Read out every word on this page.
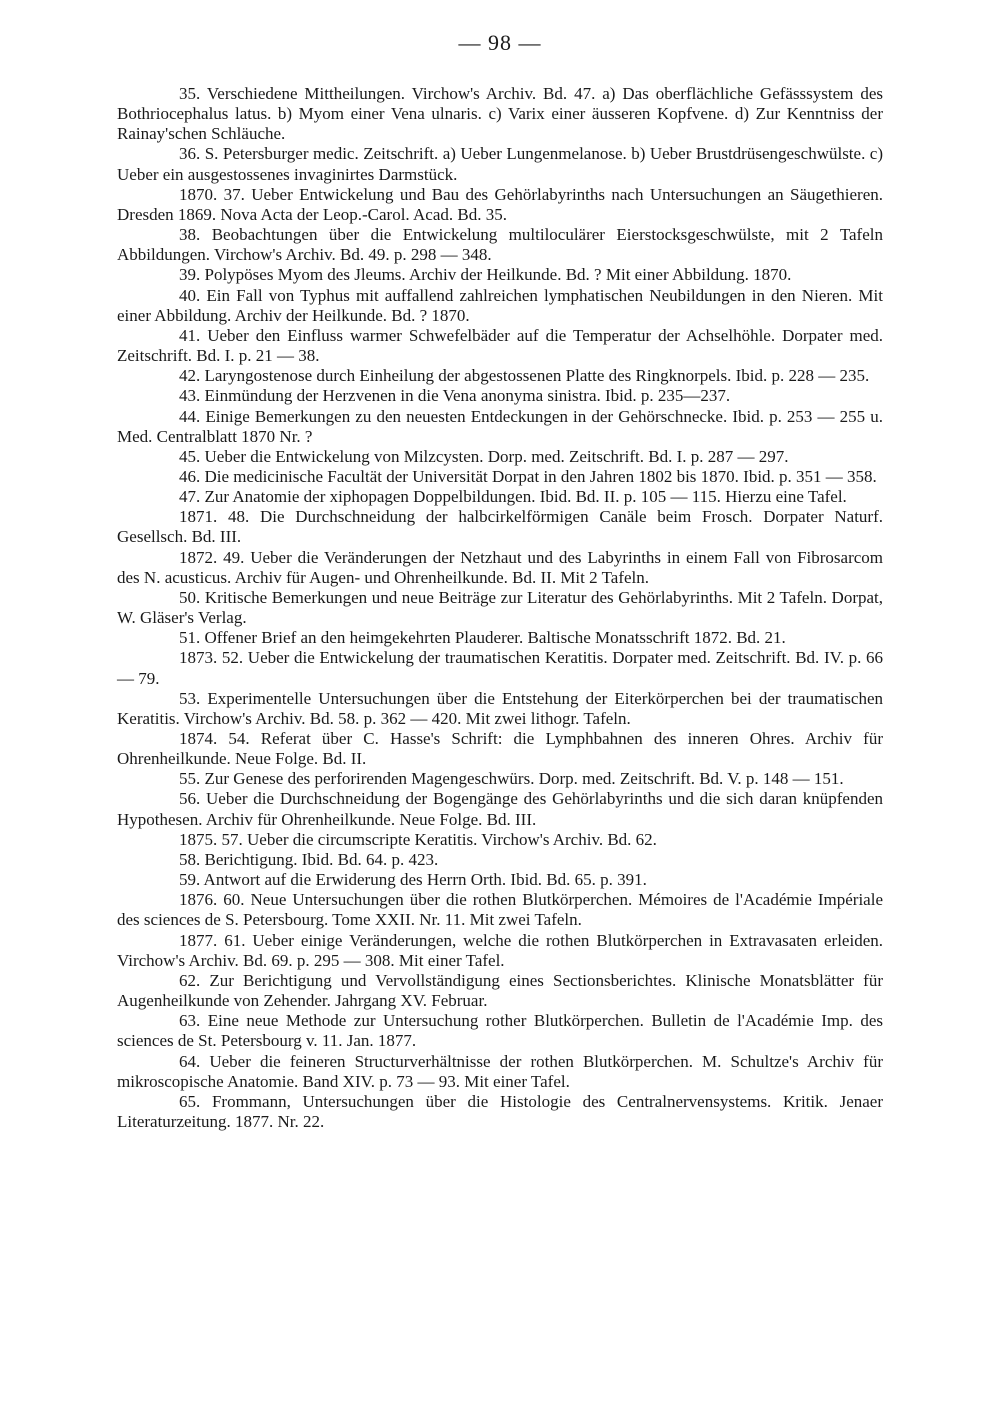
— 98 —

35. Verschiedene Mittheilungen. Virchow's Archiv. Bd. 47. a) Das oberflächliche Gefässsystem des Bothriocephalus latus. b) Myom einer Vena ulnaris. c) Varix einer äusseren Kopfvene. d) Zur Kenntniss der Rainay'schen Schläuche.

36. S. Petersburger medic. Zeitschrift. a) Ueber Lungenmelanose. b) Ueber Brustdrüsengeschwülste. c) Ueber ein ausgestossenes invaginirtes Darmstück.

1870. 37. Ueber Entwickelung und Bau des Gehörlabyrinths nach Untersuchungen an Säugethieren. Dresden 1869. Nova Acta der Leop.-Carol. Acad. Bd. 35.

38. Beobachtungen über die Entwickelung multiloculärer Eierstocksgeschwülste, mit 2 Tafeln Abbildungen. Virchow's Archiv. Bd. 49. p. 298 — 348.

39. Polypöses Myom des Jleums. Archiv der Heilkunde. Bd. ? Mit einer Abbildung. 1870.

40. Ein Fall von Typhus mit auffallend zahlreichen lymphatischen Neubildungen in den Nieren. Mit einer Abbildung. Archiv der Heilkunde. Bd. ? 1870.

41. Ueber den Einfluss warmer Schwefelbäder auf die Temperatur der Achselhöhle. Dorpater med. Zeitschrift. Bd. I. p. 21 — 38.

42. Laryngostenose durch Einheilung der abgestossenen Platte des Ringknorpels. Ibid. p. 228 — 235.

43. Einmündung der Herzvenen in die Vena anonyma sinistra. Ibid. p. 235—237.

44. Einige Bemerkungen zu den neuesten Entdeckungen in der Gehörschnecke. Ibid. p. 253 — 255 u. Med. Centralblatt 1870 Nr. ?

45. Ueber die Entwickelung von Milzcysten. Dorp. med. Zeitschrift. Bd. I. p. 287 — 297.

46. Die medicinische Facultät der Universität Dorpat in den Jahren 1802 bis 1870. Ibid. p. 351 — 358.

47. Zur Anatomie der xiphopagen Doppelbildungen. Ibid. Bd. II. p. 105 — 115. Hierzu eine Tafel.

1871. 48. Die Durchschneidung der halbcirkelförmigen Canäle beim Frosch. Dorpater Naturf. Gesellsch. Bd. III.

1872. 49. Ueber die Veränderungen der Netzhaut und des Labyrinths in einem Fall von Fibrosarcom des N. acusticus. Archiv für Augen- und Ohrenheilkunde. Bd. II. Mit 2 Tafeln.

50. Kritische Bemerkungen und neue Beiträge zur Literatur des Gehörlabyrinths. Mit 2 Tafeln. Dorpat, W. Gläser's Verlag.

51. Offener Brief an den heimgekehrten Plauderer. Baltische Monatsschrift 1872. Bd. 21.

1873. 52. Ueber die Entwickelung der traumatischen Keratitis. Dorpater med. Zeitschrift. Bd. IV. p. 66 — 79.

53. Experimentelle Untersuchungen über die Entstehung der Eiterkörperchen bei der traumatischen Keratitis. Virchow's Archiv. Bd. 58. p. 362 — 420. Mit zwei lithogr. Tafeln.

1874. 54. Referat über C. Hasse's Schrift: die Lymphbahnen des inneren Ohres. Archiv für Ohrenheilkunde. Neue Folge. Bd. II.

55. Zur Genese des perforirenden Magengeschwürs. Dorp. med. Zeitschrift. Bd. V. p. 148 — 151.

56. Ueber die Durchschneidung der Bogengänge des Gehörlabyrinths und die sich daran knüpfenden Hypothesen. Archiv für Ohrenheilkunde. Neue Folge. Bd. III.

1875. 57. Ueber die circumscripte Keratitis. Virchow's Archiv. Bd. 62.

58. Berichtigung. Ibid. Bd. 64. p. 423.

59. Antwort auf die Erwiderung des Herrn Orth. Ibid. Bd. 65. p. 391.

1876. 60. Neue Untersuchungen über die rothen Blutkörperchen. Mémoires de l'Académie Impériale des sciences de S. Petersbourg. Tome XXII. Nr. 11. Mit zwei Tafeln.

1877. 61. Ueber einige Veränderungen, welche die rothen Blutkörperchen in Extravasaten erleiden. Virchow's Archiv. Bd. 69. p. 295 — 308. Mit einer Tafel.

62. Zur Berichtigung und Vervollständigung eines Sectionsberichtes. Klinische Monatsblätter für Augenheilkunde von Zehender. Jahrgang XV. Februar.

63. Eine neue Methode zur Untersuchung rother Blutkörperchen. Bulletin de l'Académie Imp. des sciences de St. Petersbourg v. 11. Jan. 1877.

64. Ueber die feineren Structurverhältnisse der rothen Blutkörperchen. M. Schultze's Archiv für mikroscopische Anatomie. Band XIV. p. 73 — 93. Mit einer Tafel.

65. Frommann, Untersuchungen über die Histologie des Centralnervensystems. Kritik. Jenaer Literaturzeitung. 1877. Nr. 22.
